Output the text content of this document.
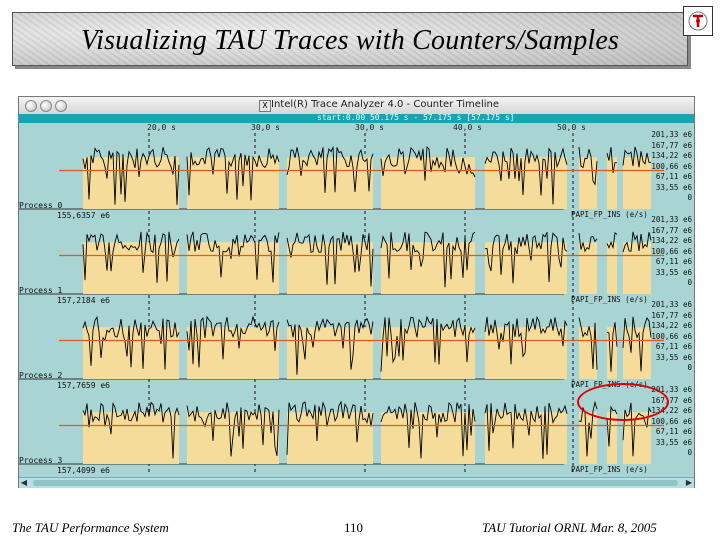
Visualizing TAU Traces with Counters/Samples
X Intel(R) Trace Analyzer 4.0 - Counter Timeline
start:0.00 50.175 s - 57.175 s [57.175 s]
20,0 s	30,0 s	30,0 s	40,0 s	50,0 s
Process 0
Process 1
Process 2
Process 3
155,6357 e6
157,2184 e6
157,7659 e6
157,4099 e6
PAPI_FP_INS (e/s)
PAPI_FP_INS (e/s)
PAPI_FP_INS (e/s)
PAPI_FP_INS (e/s)
201,33 e6
167,77 e6
134,22 e6
100,66 e6
67,11 e6
33,55 e6
0
201,33 e6
167,77 e6
134,22 e6
100,66 e6
67,11 e6
33,55 e6
0
201,33 e6
167,77 e6
134,22 e6
100,66 e6
67,11 e6
33,55 e6
0
201,33 e6
167,77 e6
134,22 e6
100,66 e6
67,11 e6
33,55 e6
0
◀	▶
The TAU Performance System	110	TAU Tutorial ORNL Mar. 8, 2005
